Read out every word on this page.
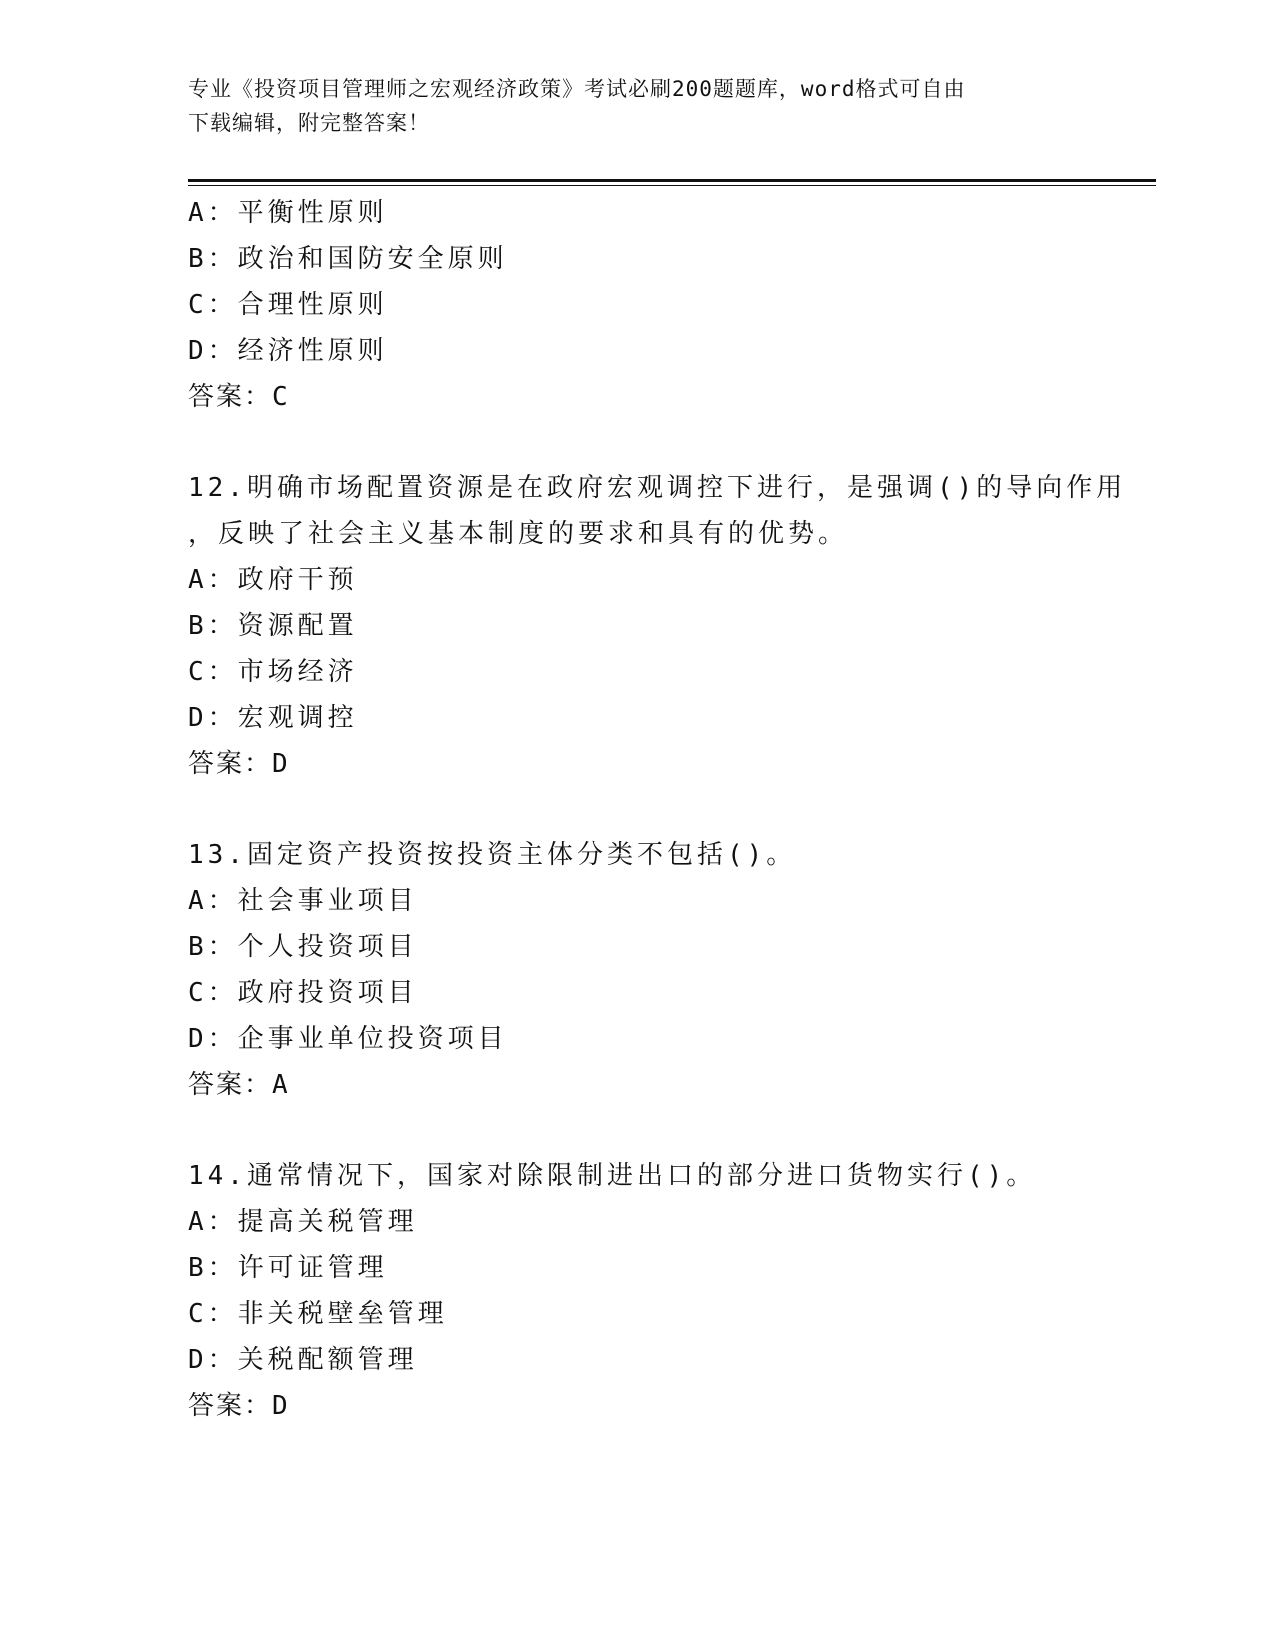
专业《投资项目管理师之宏观经济政策》考试必刷200题题库，word格式可自由
下载编辑，附完整答案！
A：平衡性原则
B：政治和国防安全原则
C：合理性原则
D：经济性原则
答案：C
12.明确市场配置资源是在政府宏观调控下进行，是强调()的导向作用
，反映了社会主义基本制度的要求和具有的优势。
A：政府干预
B：资源配置
C：市场经济
D：宏观调控
答案：D
13.固定资产投资按投资主体分类不包括()。
A：社会事业项目
B：个人投资项目
C：政府投资项目
D：企事业单位投资项目
答案：A
14.通常情况下，国家对除限制进出口的部分进口货物实行()。
A：提高关税管理
B：许可证管理
C：非关税壁垒管理
D：关税配额管理
答案：D
